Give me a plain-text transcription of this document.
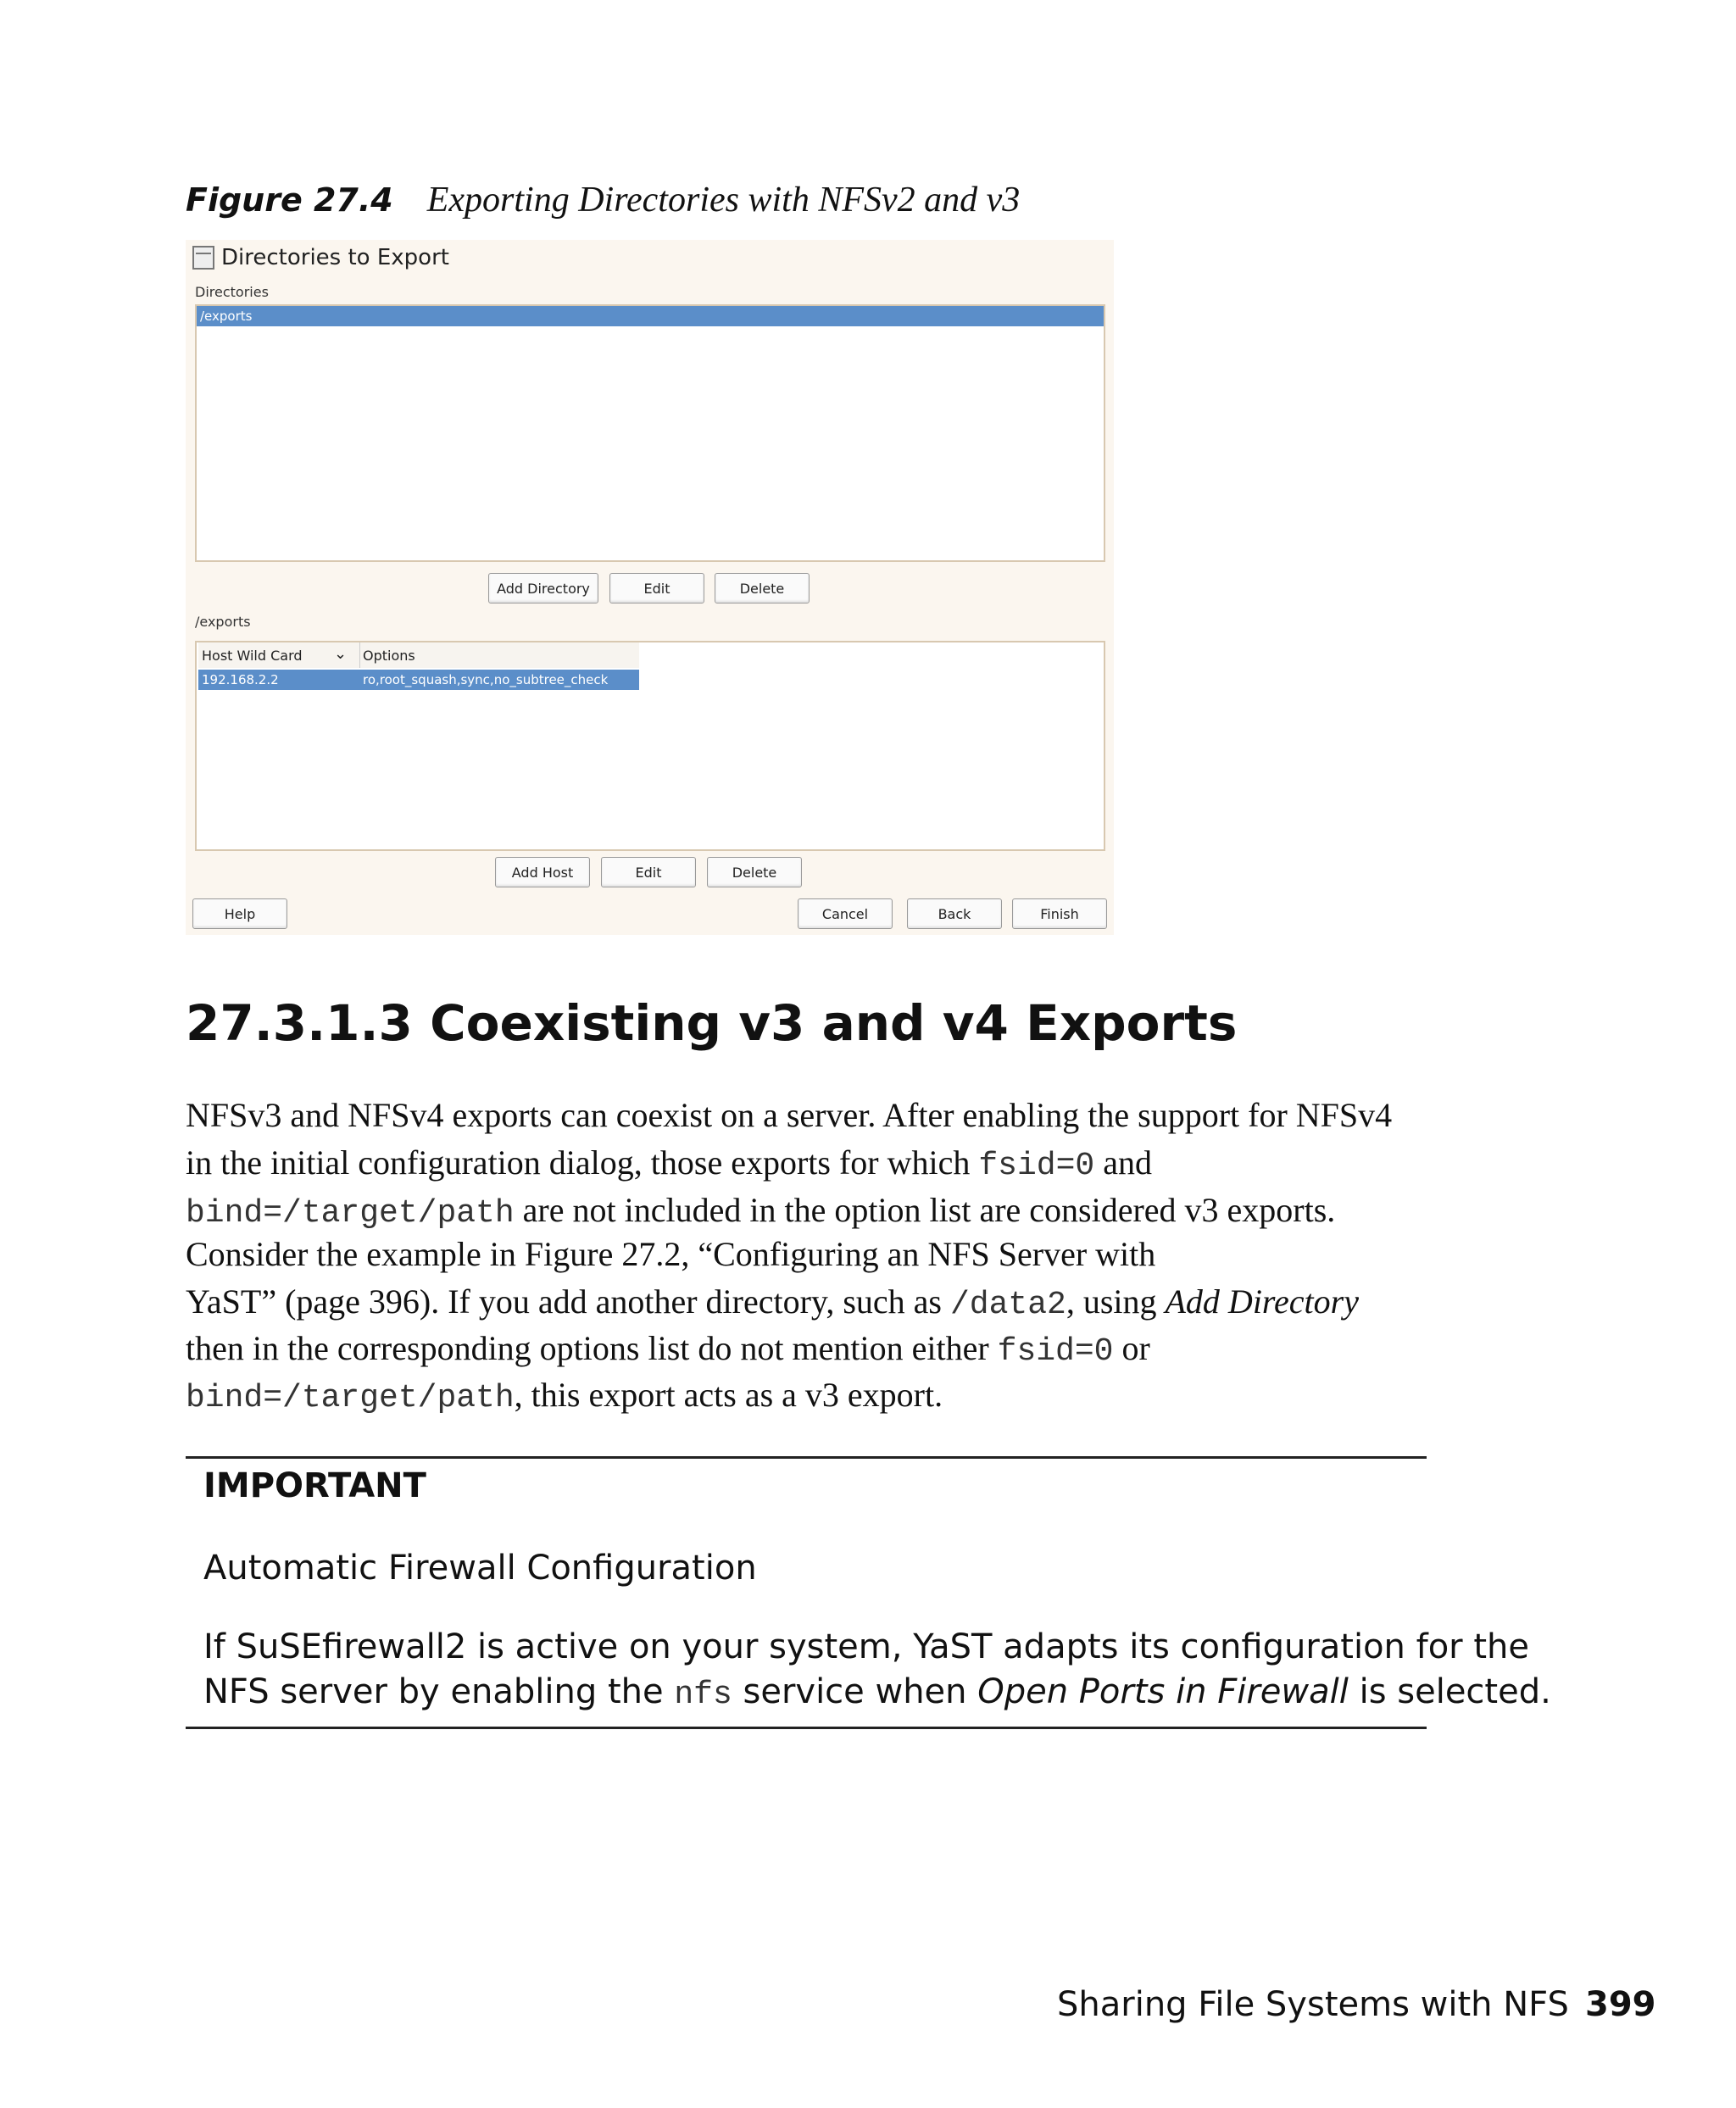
Figure 27.4 Exporting Directories with NFSv2 and v3
Directories to Export
Directories
/exports
Add Directory	Edit	Delete
/exports
Host Wild Card ⌄ Options
192.168.2.2	ro,root_squash,sync,no_subtree_check
Add Host	Edit	Delete
Help	Cancel	Back	Finish
27.3.1.3 Coexisting v3 and v4 Exports
NFSv3 and NFSv4 exports can coexist on a server. After enabling the support for NFSv4
in the initial configuration dialog, those exports for which fsid=0 and
bind=/target/path are not included in the option list are considered v3 exports.
Consider the example in Figure 27.2, “Configuring an NFS Server with
YaST” (page 396). If you add another directory, such as /data2, using Add Directory
then in the corresponding options list do not mention either fsid=0 or
bind=/target/path, this export acts as a v3 export.
IMPORTANT
Automatic Firewall Configuration
If SuSEfirewall2 is active on your system, YaST adapts its configuration for the
NFS server by enabling the nfs service when Open Ports in Firewall is selected.
Sharing File Systems with NFS 399
